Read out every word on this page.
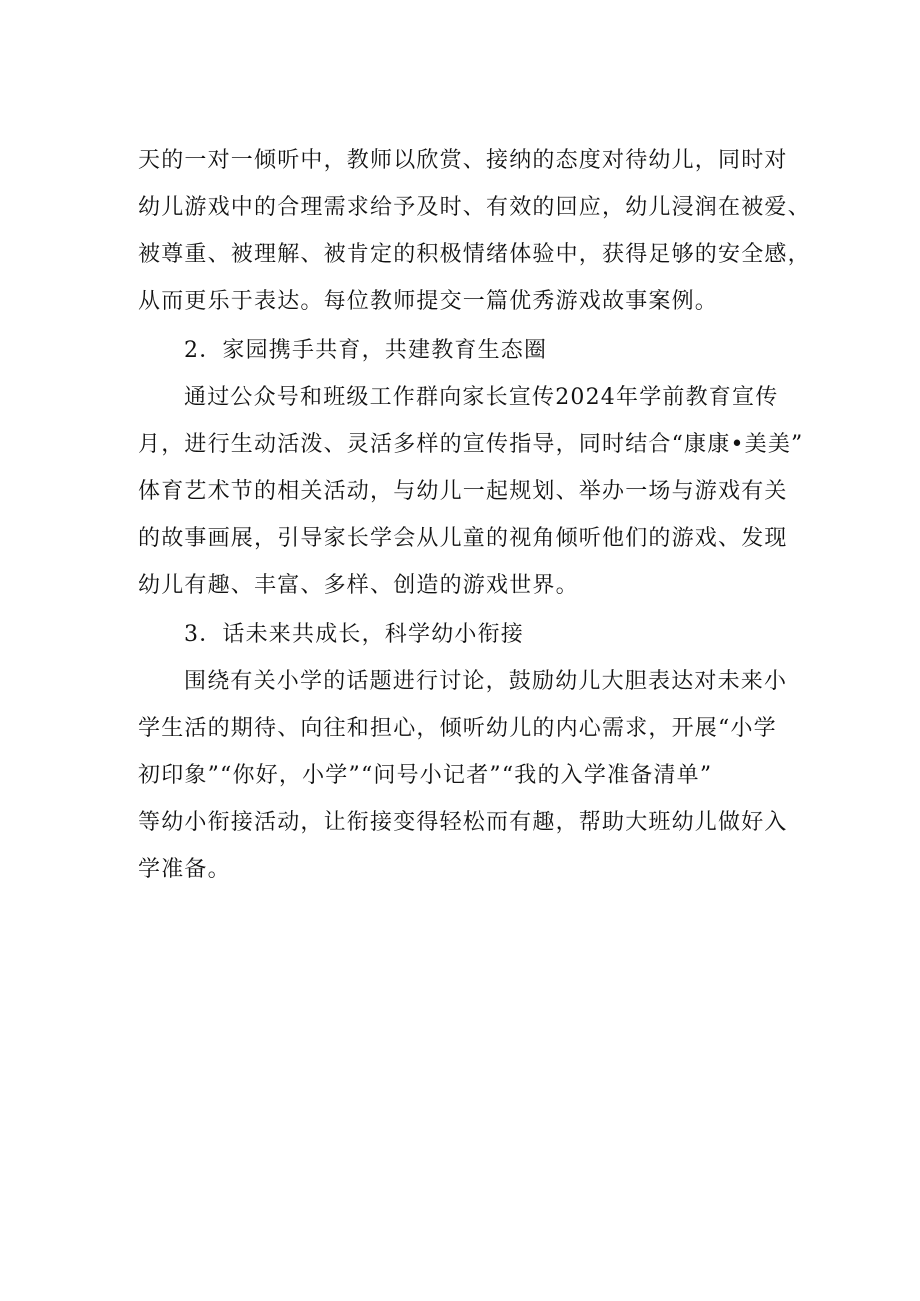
天的一对一倾听中，教师以欣赏、接纳的态度对待幼儿，同时对
幼儿游戏中的合理需求给予及时、有效的回应，幼儿浸润在被爱、
被尊重、被理解、被肯定的积极情绪体验中，获得足够的安全感，
从而更乐于表达。每位教师提交一篇优秀游戏故事案例。
2．家园携手共育，共建教育生态圈
通过公众号和班级工作群向家长宣传2024年学前教育宣传
月，进行生动活泼、灵活多样的宣传指导，同时结合“康康•美美”
体育艺术节的相关活动，与幼儿一起规划、举办一场与游戏有关
的故事画展，引导家长学会从儿童的视角倾听他们的游戏、发现
幼儿有趣、丰富、多样、创造的游戏世界。
3．话未来共成长，科学幼小衔接
围绕有关小学的话题进行讨论，鼓励幼儿大胆表达对未来小
学生活的期待、向往和担心，倾听幼儿的内心需求，开展“小学
初印象”“你好，小学”“问号小记者”“我的入学准备清单”
等幼小衔接活动，让衔接变得轻松而有趣，帮助大班幼儿做好入
学准备。
